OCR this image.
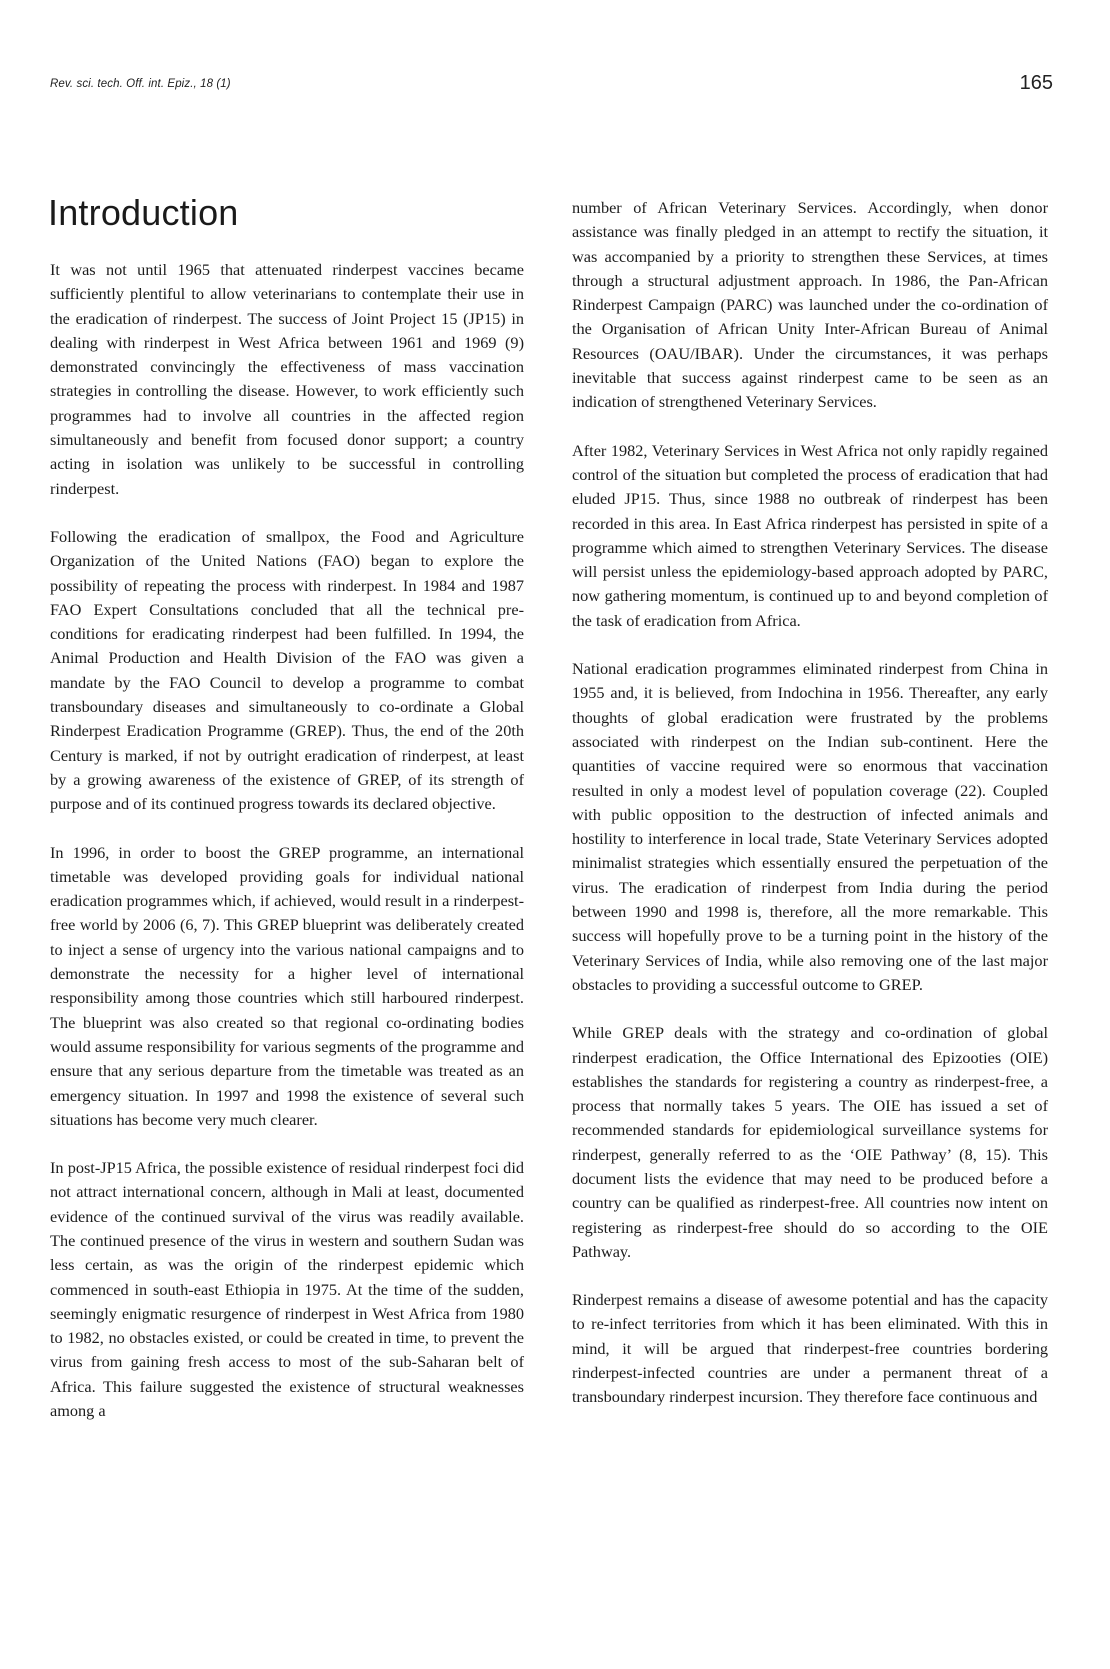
Rev. sci. tech. Off. int. Epiz., 18 (1)	165
Introduction

It was not until 1965 that attenuated rinderpest vaccines became sufficiently plentiful to allow veterinarians to contemplate their use in the eradication of rinderpest. The success of Joint Project 15 (JP15) in dealing with rinderpest in West Africa between 1961 and 1969 (9) demonstrated convincingly the effectiveness of mass vaccination strategies in controlling the disease. However, to work efficiently such programmes had to involve all countries in the affected region simultaneously and benefit from focused donor support; a country acting in isolation was unlikely to be successful in controlling rinderpest.

Following the eradication of smallpox, the Food and Agriculture Organization of the United Nations (FAO) began to explore the possibility of repeating the process with rinderpest. In 1984 and 1987 FAO Expert Consultations concluded that all the technical pre-conditions for eradicating rinderpest had been fulfilled. In 1994, the Animal Production and Health Division of the FAO was given a mandate by the FAO Council to develop a programme to combat transboundary diseases and simultaneously to co-ordinate a Global Rinderpest Eradication Programme (GREP). Thus, the end of the 20th Century is marked, if not by outright eradication of rinderpest, at least by a growing awareness of the existence of GREP, of its strength of purpose and of its continued progress towards its declared objective.

In 1996, in order to boost the GREP programme, an international timetable was developed providing goals for individual national eradication programmes which, if achieved, would result in a rinderpest-free world by 2006 (6, 7). This GREP blueprint was deliberately created to inject a sense of urgency into the various national campaigns and to demonstrate the necessity for a higher level of international responsibility among those countries which still harboured rinderpest. The blueprint was also created so that regional co-ordinating bodies would assume responsibility for various segments of the programme and ensure that any serious departure from the timetable was treated as an emergency situation. In 1997 and 1998 the existence of several such situations has become very much clearer.

In post-JP15 Africa, the possible existence of residual rinderpest foci did not attract international concern, although in Mali at least, documented evidence of the continued survival of the virus was readily available. The continued presence of the virus in western and southern Sudan was less certain, as was the origin of the rinderpest epidemic which commenced in south-east Ethiopia in 1975. At the time of the sudden, seemingly enigmatic resurgence of rinderpest in West Africa from 1980 to 1982, no obstacles existed, or could be created in time, to prevent the virus from gaining fresh access to most of the sub-Saharan belt of Africa. This failure suggested the existence of structural weaknesses among a

number of African Veterinary Services. Accordingly, when donor assistance was finally pledged in an attempt to rectify the situation, it was accompanied by a priority to strengthen these Services, at times through a structural adjustment approach. In 1986, the Pan-African Rinderpest Campaign (PARC) was launched under the co-ordination of the Organisation of African Unity Inter-African Bureau of Animal Resources (OAU/IBAR). Under the circumstances, it was perhaps inevitable that success against rinderpest came to be seen as an indication of strengthened Veterinary Services.

After 1982, Veterinary Services in West Africa not only rapidly regained control of the situation but completed the process of eradication that had eluded JP15. Thus, since 1988 no outbreak of rinderpest has been recorded in this area. In East Africa rinderpest has persisted in spite of a programme which aimed to strengthen Veterinary Services. The disease will persist unless the epidemiology-based approach adopted by PARC, now gathering momentum, is continued up to and beyond completion of the task of eradication from Africa.

National eradication programmes eliminated rinderpest from China in 1955 and, it is believed, from Indochina in 1956. Thereafter, any early thoughts of global eradication were frustrated by the problems associated with rinderpest on the Indian sub-continent. Here the quantities of vaccine required were so enormous that vaccination resulted in only a modest level of population coverage (22). Coupled with public opposition to the destruction of infected animals and hostility to interference in local trade, State Veterinary Services adopted minimalist strategies which essentially ensured the perpetuation of the virus. The eradication of rinderpest from India during the period between 1990 and 1998 is, therefore, all the more remarkable. This success will hopefully prove to be a turning point in the history of the Veterinary Services of India, while also removing one of the last major obstacles to providing a successful outcome to GREP.

While GREP deals with the strategy and co-ordination of global rinderpest eradication, the Office International des Epizooties (OIE) establishes the standards for registering a country as rinderpest-free, a process that normally takes 5 years. The OIE has issued a set of recommended standards for epidemiological surveillance systems for rinderpest, generally referred to as the ‘OIE Pathway’ (8, 15). This document lists the evidence that may need to be produced before a country can be qualified as rinderpest-free. All countries now intent on registering as rinderpest-free should do so according to the OIE Pathway.

Rinderpest remains a disease of awesome potential and has the capacity to re-infect territories from which it has been eliminated. With this in mind, it will be argued that rinderpest-free countries bordering rinderpest-infected countries are under a permanent threat of a transboundary rinderpest incursion. They therefore face continuous and
